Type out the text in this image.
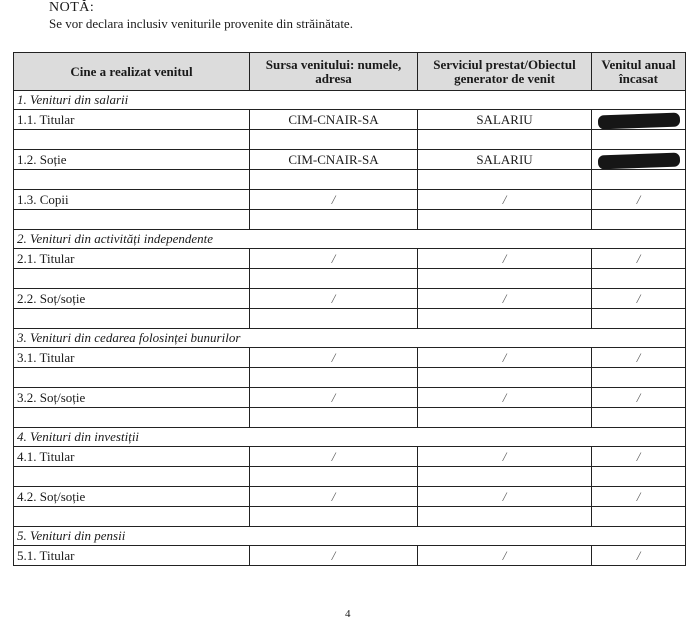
NOTĂ:
Se vor declara inclusiv veniturile provenite din străinătate.
Cine a realizat venitul	Sursa venitului: numele, adresa	Serviciul prestat/Obiectul generator de venit	Venitul anual încasat
1. Venituri din salarii			
1.1. Titular	CIM-CNAIR-SA	SALARIU	

1.2. Soție	CIM-CNAIR-SA	SALARIU	

1.3. Copii	/	/	/

2. Venituri din activități independente			
2.1. Titular	/	/	/

2.2. Soț/soție	/	/	/

3. Venituri din cedarea folosinței bunurilor			
3.1. Titular	/	/	/

3.2. Soț/soție	/	/	/

4. Venituri din investiții			
4.1. Titular	/	/	/

4.2. Soț/soție	/	/	/

5. Venituri din pensii			
5.1. Titular	/	/	/
4
